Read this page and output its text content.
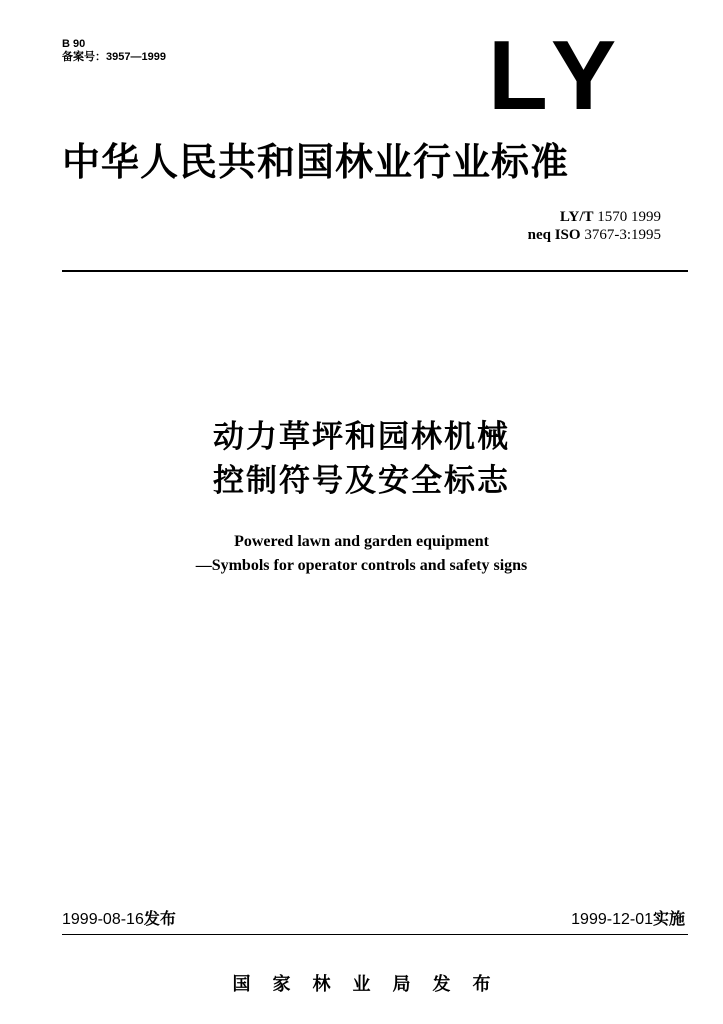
B 90
备案号：3957—1999	LY
中华人民共和国林业行业标准
LY/T 1570 1999
neq ISO 3767-3:1995
动力草坪和园林机械
控制符号及安全标志
Powered lawn and garden equipment
—Symbols for operator controls and safety signs
1999-08-16发布	1999-12-01实施
国家林业局发布
